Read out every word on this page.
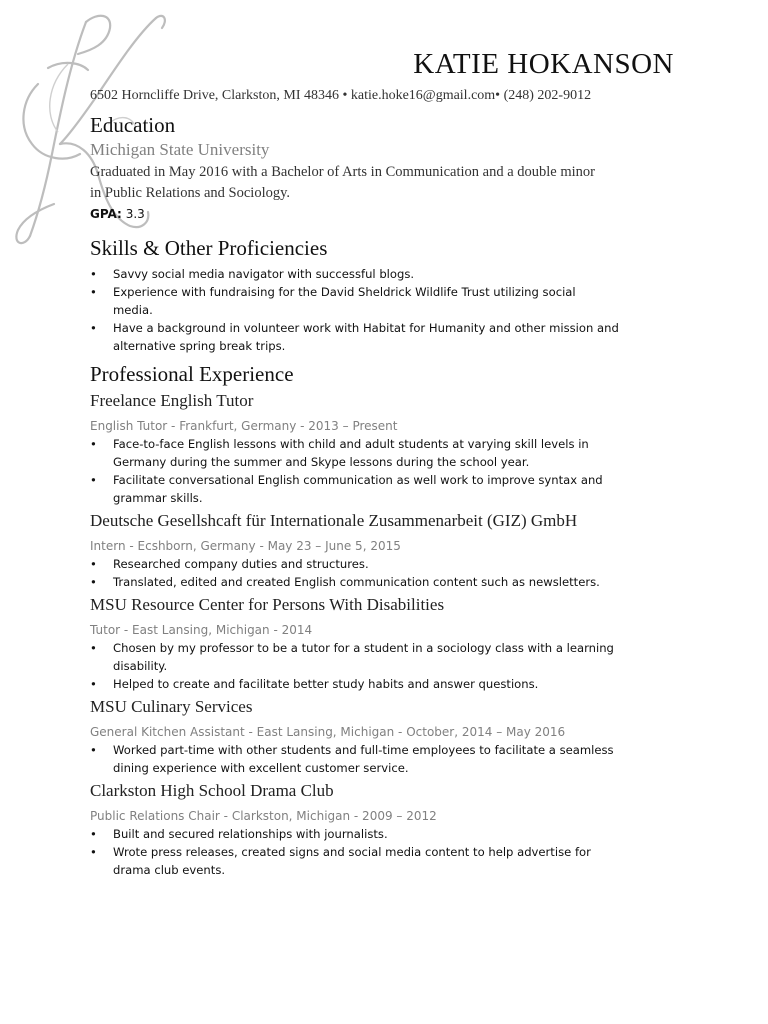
KATIE HOKANSON
6502 Horncliffe Drive, Clarkston, MI 48346 • katie.hoke16@gmail.com• (248) 202-9012
Education
Michigan State University
Graduated in May 2016 with a Bachelor of Arts in Communication and a double minor
in Public Relations and Sociology.
GPA: 3.3
Skills & Other Proficiencies
• Savvy social media navigator with successful blogs.
• Experience with fundraising for the David Sheldrick Wildlife Trust utilizing social
media.
• Have a background in volunteer work with Habitat for Humanity and other mission and
alternative spring break trips.
Professional Experience
Freelance English Tutor
English Tutor - Frankfurt, Germany - 2013 – Present
• Face-to-face English lessons with child and adult students at varying skill levels in
Germany during the summer and Skype lessons during the school year.
• Facilitate conversational English communication as well work to improve syntax and
grammar skills.
Deutsche Gesellshcaft für Internationale Zusammenarbeit (GIZ) GmbH
Intern - Ecshborn, Germany - May 23 – June 5, 2015
• Researched company duties and structures.
• Translated, edited and created English communication content such as newsletters.
MSU Resource Center for Persons With Disabilities
Tutor - East Lansing, Michigan - 2014
• Chosen by my professor to be a tutor for a student in a sociology class with a learning
disability.
• Helped to create and facilitate better study habits and answer questions.
MSU Culinary Services
General Kitchen Assistant - East Lansing, Michigan - October, 2014 – May 2016
• Worked part-time with other students and full-time employees to facilitate a seamless
dining experience with excellent customer service.
Clarkston High School Drama Club
Public Relations Chair - Clarkston, Michigan - 2009 – 2012
• Built and secured relationships with journalists.
• Wrote press releases, created signs and social media content to help advertise for
drama club events.
